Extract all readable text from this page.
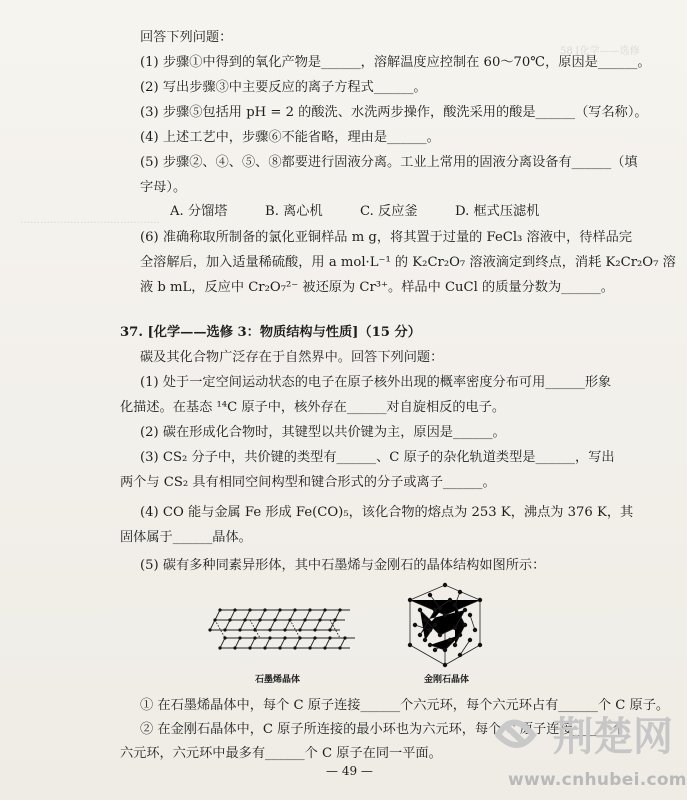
58 [化学——选修
……………………………………
回答下列问题：
(1) 步骤①中得到的氧化产物是______，溶解温度应控制在 60～70℃，原因是______。
(2) 写出步骤③中主要反应的离子方程式______。
(3) 步骤⑤包括用 pH = 2 的酸洗、水洗两步操作，酸洗采用的酸是______（写名称）。
(4) 上述工艺中，步骤⑥不能省略，理由是______。
(5) 步骤②、④、⑤、⑧都要进行固液分离。工业上常用的固液分离设备有______（填
字母）。
A. 分馏塔	B. 离心机	C. 反应釜	D. 框式压滤机
(6) 准确称取所制备的氯化亚铜样品 m g，将其置于过量的 FeCl₃ 溶液中，待样品完
全溶解后，加入适量稀硫酸，用 a mol·L⁻¹ 的 K₂Cr₂O₇ 溶液滴定到终点，消耗 K₂Cr₂O₇ 溶
液 b mL，反应中 Cr₂O₇²⁻ 被还原为 Cr³⁺。样品中 CuCl 的质量分数为______。
37. [化学——选修 3：物质结构与性质]（15 分）
碳及其化合物广泛存在于自然界中。回答下列问题：
(1) 处于一定空间运动状态的电子在原子核外出现的概率密度分布可用______形象
化描述。在基态 ¹⁴C 原子中，核外存在______对自旋相反的电子。
(2) 碳在形成化合物时，其键型以共价键为主，原因是______。
(3) CS₂ 分子中，共价键的类型有______、C 原子的杂化轨道类型是______，写出
两个与 CS₂ 具有相同空间构型和键合形式的分子或离子______。
(4) CO 能与金属 Fe 形成 Fe(CO)₅，该化合物的熔点为 253 K，沸点为 376 K，其
固体属于______晶体。
(5) 碳有多种同素异形体，其中石墨烯与金刚石的晶体结构如图所示：
石墨烯晶体	金刚石晶体
① 在石墨烯晶体中，每个 C 原子连接______个六元环，每个六元环占有______个 C 原子。
② 在金刚石晶体中，C 原子所连接的最小环也为六元环，每个 C 原子连接______个
六元环，六元环中最多有______个 C 原子在同一平面。
— 49 —
荆楚网
www.cnhubei.com
